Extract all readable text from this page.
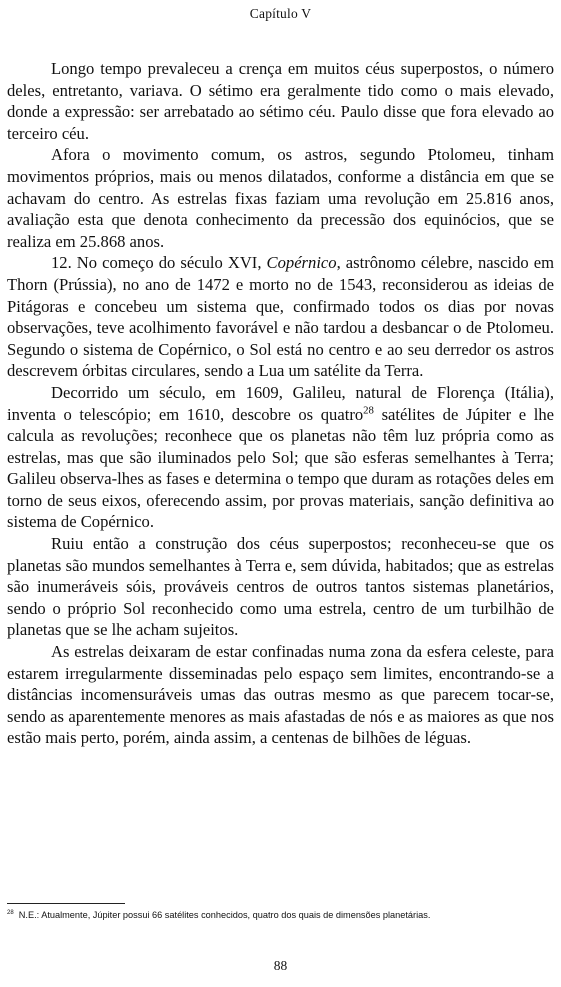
Capítulo V

Longo tempo prevaleceu a crença em muitos céus superpostos, o número deles, entretanto, variava. O sétimo era geralmente tido como o mais elevado, donde a expressão: ser arrebatado ao sétimo céu. Paulo disse que fora elevado ao terceiro céu.

Afora o movimento comum, os astros, segundo Ptolomeu, tinham movimentos próprios, mais ou menos dilatados, conforme a distância em que se achavam do centro. As estrelas fixas faziam uma revolução em 25.816 anos, avaliação esta que denota conhecimento da precessão dos equinócios, que se realiza em 25.868 anos.

12. No começo do século XVI, Copérnico, astrônomo célebre, nascido em Thorn (Prússia), no ano de 1472 e morto no de 1543, reconsiderou as ideias de Pitágoras e concebeu um sistema que, confirmado todos os dias por novas observações, teve acolhimento favorável e não tardou a desbancar o de Ptolomeu. Segundo o sistema de Copérnico, o Sol está no centro e ao seu derredor os astros descrevem órbitas circulares, sendo a Lua um satélite da Terra.

Decorrido um século, em 1609, Galileu, natural de Florença (Itália), inventa o telescópio; em 1610, descobre os quatro$^{28}$ satélites de Júpiter e lhe calcula as revoluções; reconhece que os planetas não têm luz própria como as estrelas, mas que são iluminados pelo Sol; que são esferas semelhantes à Terra; Galileu observa-lhes as fases e determina o tempo que duram as rotações deles em torno de seus eixos, oferecendo assim, por provas materiais, sanção definitiva ao sistema de Copérnico.

Ruiu então a construção dos céus superpostos; reconheceu-se que os planetas são mundos semelhantes à Terra e, sem dúvida, habitados; que as estrelas são inumeráveis sóis, prováveis centros de outros tantos sistemas planetários, sendo o próprio Sol reconhecido como uma estrela, centro de um turbilhão de planetas que se lhe acham sujeitos.

As estrelas deixaram de estar confinadas numa zona da esfera celeste, para estarem irregularmente disseminadas pelo espaço sem limites, encontrando-se a distâncias incomensuráveis umas das outras mesmo as que parecem tocar-se, sendo as aparentemente menores as mais afastadas de nós e as maiores as que nos estão mais perto, porém, ainda assim, a centenas de bilhões de léguas.

$^{28}$ N.E.: Atualmente, Júpiter possui 66 satélites conhecidos, quatro dos quais de dimensões planetárias.
88
